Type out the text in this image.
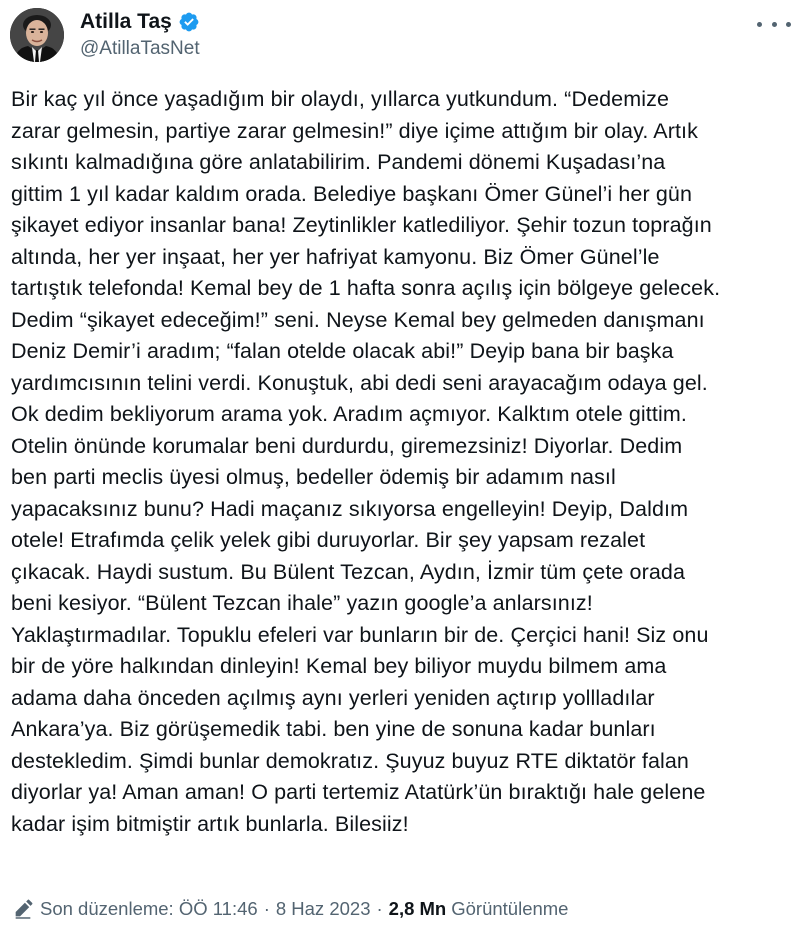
Atilla Taş
@AtillaTasNet

Bir kaç yıl önce yaşadığım bir olaydı, yıllarca yutkundum. “Dedemize
zarar gelmesin, partiye zarar gelmesin!” diye içime attığım bir olay. Artık
sıkıntı kalmadığına göre anlatabilirim. Pandemi dönemi Kuşadası’na
gittim 1 yıl kadar kaldım orada. Belediye başkanı Ömer Günel’i her gün
şikayet ediyor insanlar bana! Zeytinlikler katlediliyor. Şehir tozun toprağın
altında, her yer inşaat, her yer hafriyat kamyonu. Biz Ömer Günel’le
tartıştık telefonda! Kemal bey de 1 hafta sonra açılış için bölgeye gelecek.
Dedim “şikayet edeceğim!” seni. Neyse Kemal bey gelmeden danışmanı
Deniz Demir’i aradım; “falan otelde olacak abi!” Deyip bana bir başka
yardımcısının telini verdi. Konuştuk, abi dedi seni arayacağım odaya gel.
Ok dedim bekliyorum arama yok. Aradım açmıyor. Kalktım otele gittim.
Otelin önünde korumalar beni durdurdu, giremezsiniz! Diyorlar. Dedim
ben parti meclis üyesi olmuş, bedeller ödemiş bir adamım nasıl
yapacaksınız bunu? Hadi maçanız sıkıyorsa engelleyin! Deyip, Daldım
otele! Etrafımda çelik yelek gibi duruyorlar. Bir şey yapsam rezalet
çıkacak. Haydi sustum. Bu Bülent Tezcan, Aydın, İzmir tüm çete orada
beni kesiyor. “Bülent Tezcan ihale” yazın google’a anlarsınız!
Yaklaştırmadılar. Topuklu efeleri var bunların bir de. Çerçici hani! Siz onu
bir de yöre halkından dinleyin! Kemal bey biliyor muydu bilmem ama
adama daha önceden açılmış aynı yerleri yeniden açtırıp yollladılar
Ankara’ya. Biz görüşemedik tabi. ben yine de sonuna kadar bunları
destekledim. Şimdi bunlar demokratız. Şuyuz buyuz RTE diktatör falan
diyorlar ya! Aman aman! O parti tertemiz Atatürk’ün bıraktığı hale gelene
kadar işim bitmiştir artık bunlarla. Bilesiiz!

Son düzenleme: ÖÖ 11:46 · 8 Haz 2023 · 2,8 Mn Görüntülenme
